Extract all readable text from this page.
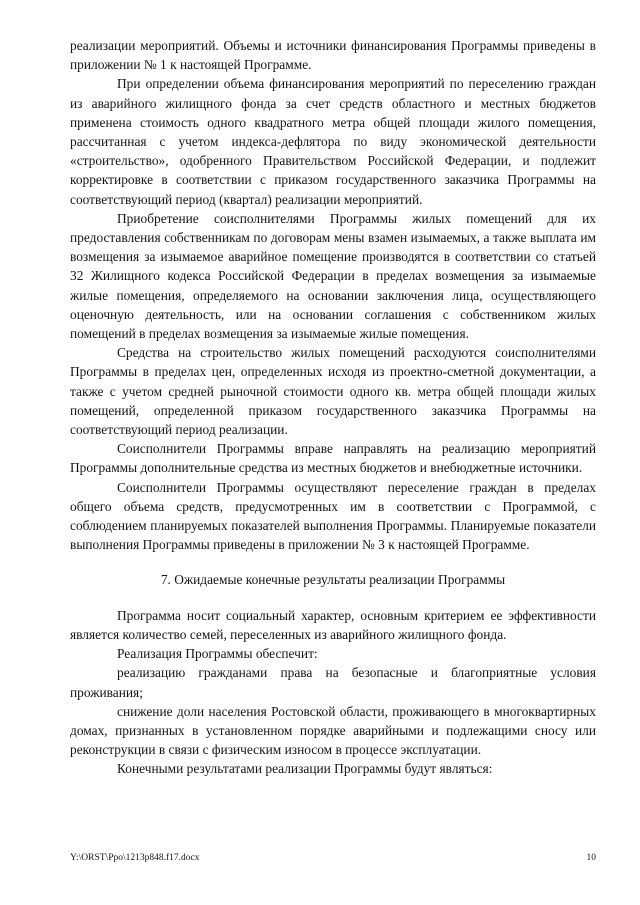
реализации мероприятий. Объемы и источники финансирования Программы приведены в приложении № 1 к настоящей Программе.

При определении объема финансирования мероприятий по переселению граждан из аварийного жилищного фонда за счет средств областного и местных бюджетов применена стоимость одного квадратного метра общей площади жилого помещения, рассчитанная с учетом индекса-дефлятора по виду экономической деятельности «строительство», одобренного Правительством Российской Федерации, и подлежит корректировке в соответствии с приказом государственного заказчика Программы на соответствующий период (квартал) реализации мероприятий.

Приобретение соисполнителями Программы жилых помещений для их предоставления собственникам по договорам мены взамен изымаемых, а также выплата им возмещения за изымаемое аварийное помещение производятся в соответствии со статьей 32 Жилищного кодекса Российской Федерации в пределах возмещения за изымаемые жилые помещения, определяемого на основании заключения лица, осуществляющего оценочную деятельность, или на основании соглашения с собственником жилых помещений в пределах возмещения за изымаемые жилые помещения.

Средства на строительство жилых помещений расходуются соисполнителями Программы в пределах цен, определенных исходя из проектно-сметной документации, а также с учетом средней рыночной стоимости одного кв. метра общей площади жилых помещений, определенной приказом государственного заказчика Программы на соответствующий период реализации.

Соисполнители Программы вправе направлять на реализацию мероприятий Программы дополнительные средства из местных бюджетов и внебюджетные источники.

Соисполнители Программы осуществляют переселение граждан в пределах общего объема средств, предусмотренных им в соответствии с Программой, с соблюдением планируемых показателей выполнения Программы. Планируемые показатели выполнения Программы приведены в приложении № 3 к настоящей Программе.

7. Ожидаемые конечные результаты реализации Программы

Программа носит социальный характер, основным критерием ее эффективности является количество семей, переселенных из аварийного жилищного фонда.

Реализация Программы обеспечит:

реализацию гражданами права на безопасные и благоприятные условия проживания;

снижение доли населения Ростовской области, проживающего в многоквартирных домах, признанных в установленном порядке аварийными и подлежащими сносу или реконструкции в связи с физическим износом в процессе эксплуатации.

Конечными результатами реализации Программы будут являться:

Y:\ORST\Ppo\1213p848.f17.docx	10
